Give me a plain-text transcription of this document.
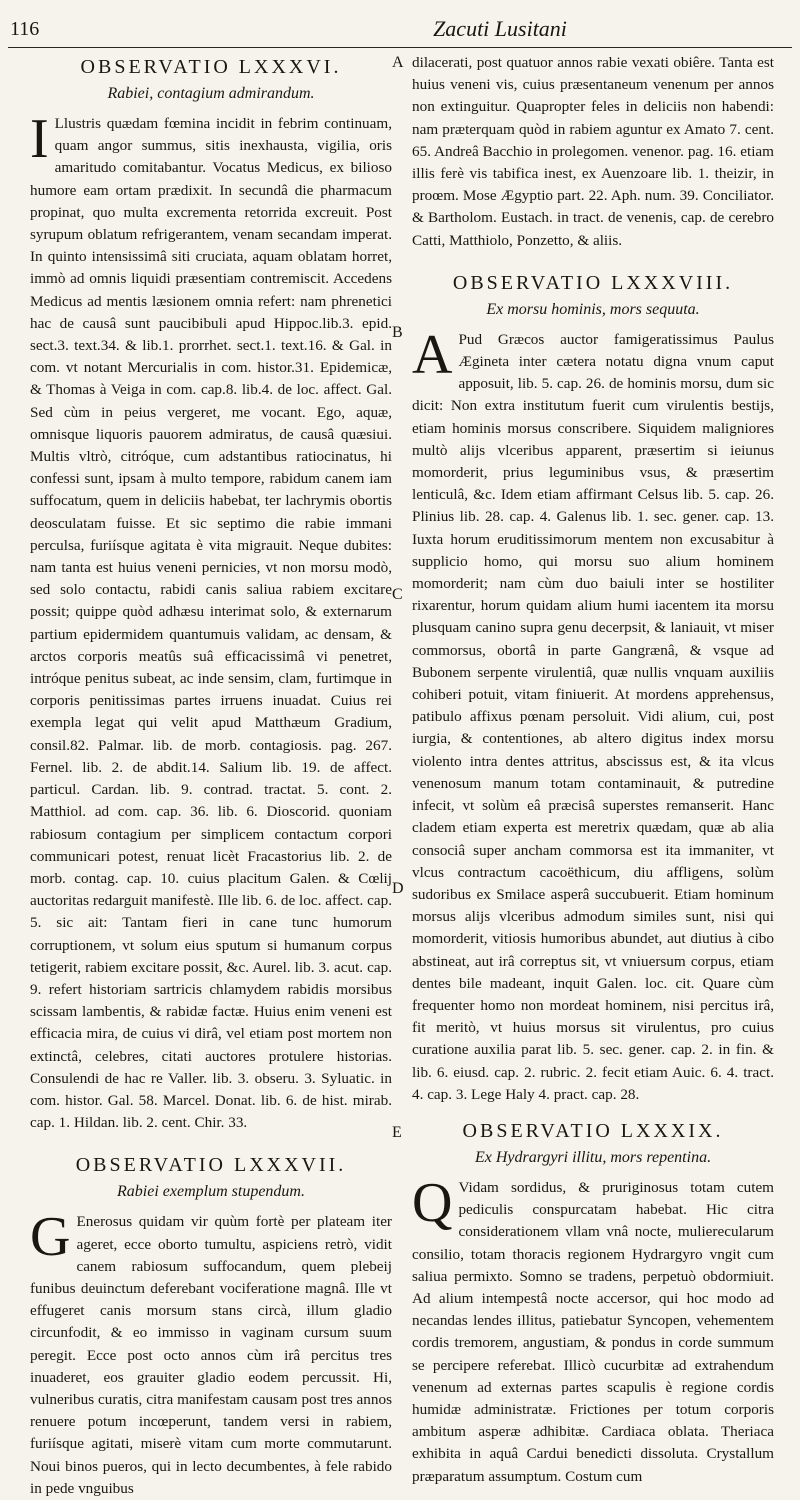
116	Zacuti Lusitani
A
B
C
D
E
OBSERVATIO LXXXVI.
Rabiei, contagium admirandum.
I Llustris quædam fœmina incidit in febrim continuam, quam angor summus, sitis inexhausta, vigilia, oris amaritudo comitabantur. Vocatus Medicus, ex bilioso humore eam ortam prædixit. In secundâ die pharmacum propinat, quo multa excrementa retorrida excreuit. Post syrupum oblatum refrigerantem, venam secandam imperat. In quinto intensissimâ siti cruciata, aquam oblatam horret, immò ad omnis liquidi præsentiam contremiscit. Accedens Medicus ad mentis læsionem omnia refert: nam phrenetici hac de causâ sunt paucibibuli apud Hippoc.lib.3. epid. sect.3. text.34. & lib.1. prorrhet. sect.1. text.16. & Gal. in com. vt notant Mercurialis in com. histor.31. Epidemicæ, & Thomas à Veiga in com. cap.8. lib.4. de loc. affect. Gal. Sed cùm in peius vergeret, me vocant. Ego, aquæ, omnisque liquoris pauorem admiratus, de causâ quæsiui. Multis vltrò, citróque, cum adstantibus ratiocinatus, hi confessi sunt, ipsam à multo tempore, rabidum canem iam suffocatum, quem in deliciis habebat, ter lachrymis obortis deosculatam fuisse. Et sic septimo die rabie immani perculsa, furiísque agitata è vita migrauit. Neque dubites: nam tanta est huius veneni pernicies, vt non morsu modò, sed solo contactu, rabidi canis saliua rabiem excitare possit; quippe quòd adhæsu interimat solo, & externarum partium epidermidem quantumuis validam, ac densam, & arctos corporis meatûs suâ efficacissimâ vi penetret, intróque penitus subeat, ac inde sensim, clam, furtimque in corporis penitissimas partes irruens inuadat. Cuius rei exempla legat qui velit apud Matthæum Gradium, consil.82. Palmar. lib. de morb. contagiosis. pag. 267. Fernel. lib. 2. de abdit.14. Salium lib. 19. de affect. particul. Cardan. lib. 9. contrad. tractat. 5. cont. 2. Matthiol. ad com. cap. 36. lib. 6. Dioscorid. quoniam rabiosum contagium per simplicem contactum corpori communicari potest, renuat licèt Fracastorius lib. 2. de morb. contag. cap. 10. cuius placitum Galen. & Cœlij auctoritas redarguit manifestè. Ille lib. 6. de loc. affect. cap. 5. sic ait: Tantam fieri in cane tunc humorum corruptionem, vt solum eius sputum si humanum corpus tetigerit, rabiem excitare possit, &c. Aurel. lib. 3. acut. cap. 9. refert historiam sartricis chlamydem rabidis morsibus scissam lambentis, & rabidæ factæ. Huius enim veneni est efficacia mira, de cuius vi dirâ, vel etiam post mortem non extinctâ, celebres, citati auctores protulere historias. Consulendi de hac re Valler. lib. 3. obseru. 3. Syluatic. in com. histor. Gal. 58. Marcel. Donat. lib. 6. de hist. mirab. cap. 1. Hildan. lib. 2. cent. Chir. 33.
OBSERVATIO LXXXVII.
Rabiei exemplum stupendum.
G Enerosus quidam vir quùm fortè per plateam iter ageret, ecce oborto tumultu, aspiciens retrò, vidit canem rabiosum suffocandum, quem plebeij funibus deuinctum deferebant vociferatione magnâ. Ille vt effugeret canis morsum stans circà, illum gladio circunfodit, & eo immisso in vaginam cursum suum peregit. Ecce post octo annos cùm irâ percitus tres inuaderet, eos grauiter gladio eodem percussit. Hi, vulneribus curatis, citra manifestam causam post tres annos renuere potum incœperunt, tandem versi in rabiem, furiísque agitati, miserè vitam cum morte commutarunt. Noui binos pueros, qui in lecto decumbentes, à fele rabido in pede vnguibus
dilacerati, post quatuor annos rabie vexati obiêre. Tanta est huius veneni vis, cuius præsentaneum venenum per annos non extinguitur. Quapropter feles in deliciis non habendi: nam præterquam quòd in rabiem aguntur ex Amato 7. cent. 65. Andreâ Bacchio in prolegomen. venenor. pag. 16. etiam illis ferè vis tabifica inest, ex Auenzoare lib. 1. theizir, in proœm. Mose Ægyptio part. 22. Aph. num. 39. Conciliator. & Bartholom. Eustach. in tract. de venenis, cap. de cerebro Catti, Matthiolo, Ponzetto, & aliis.
OBSERVATIO LXXXVIII.
Ex morsu hominis, mors sequuta.
A Pud Græcos auctor famigeratissimus Paulus Ægineta inter cætera notatu digna vnum caput apposuit, lib. 5. cap. 26. de hominis morsu, dum sic dicit: Non extra institutum fuerit cum virulentis bestijs, etiam hominis morsus conscribere. Siquidem maligniores multò alijs vlceribus apparent, præsertim si ieiunus momorderit, prius leguminibus vsus, & præsertim lenticulâ, &c. Idem etiam affirmant Celsus lib. 5. cap. 26. Plinius lib. 28. cap. 4. Galenus lib. 1. sec. gener. cap. 13. Iuxta horum eruditissimorum mentem non excusabitur à supplicio homo, qui morsu suo alium hominem momorderit; nam cùm duo baiuli inter se hostiliter rixarentur, horum quidam alium humi iacentem ita morsu plusquam canino supra genu decerpsit, & laniauit, vt miser commorsus, obortâ in parte Gangrænâ, & vsque ad Bubonem serpente virulentiâ, quæ nullis vnquam auxiliis cohiberi potuit, vitam finiuerit. At mordens apprehensus, patibulo affixus pœnam persoluit. Vidi alium, cui, post iurgia, & contentiones, ab altero digitus index morsu violento intra dentes attritus, abscissus est, & ita vlcus venenosum manum totam contaminauit, & putredine infecit, vt solùm eâ præcisâ superstes remanserit. Hanc cladem etiam experta est meretrix quædam, quæ ab alia consociâ super ancham commorsa est ita immaniter, vt vlcus contractum cacoëthicum, diu affligens, solùm sudoribus ex Smilace asperâ succubuerit. Etiam hominum morsus alijs vlceribus admodum similes sunt, nisi qui momorderit, vitiosis humoribus abundet, aut diutius à cibo abstineat, aut irâ correptus sit, vt vniuersum corpus, etiam dentes bile madeant, inquit Galen. loc. cit. Quare cùm frequenter homo non mordeat hominem, nisi percitus irâ, fit meritò, vt huius morsus sit virulentus, pro cuius curatione auxilia parat lib. 5. sec. gener. cap. 2. in fin. & lib. 6. eiusd. cap. 2. rubric. 2. fecit etiam Auic. 6. 4. tract. 4. cap. 3. Lege Haly 4. pract. cap. 28.
OBSERVATIO LXXXIX.
Ex Hydrargyri illitu, mors repentina.
Q Vidam sordidus, & pruriginosus totam cutem pediculis conspurcatam habebat. Hic citra considerationem vllam vnâ nocte, mulierecularum consilio, totam thoracis regionem Hydrargyro vngit cum saliua permixto. Somno se tradens, perpetuò obdormiuit. Ad alium intempestâ nocte accersor, qui hoc modo ad necandas lendes illitus, patiebatur Syncopen, vehementem cordis tremorem, angustiam, & pondus in corde summum se percipere referebat. Illicò cucurbitæ ad extrahendum venenum ad externas partes scapulis è regione cordis humidæ administratæ. Frictiones per totum corporis ambitum asperæ adhibitæ. Cardiaca oblata. Theriaca exhibita in aquâ Cardui benedicti dissoluta. Crystallum præparatum assumptum. Costum cum
